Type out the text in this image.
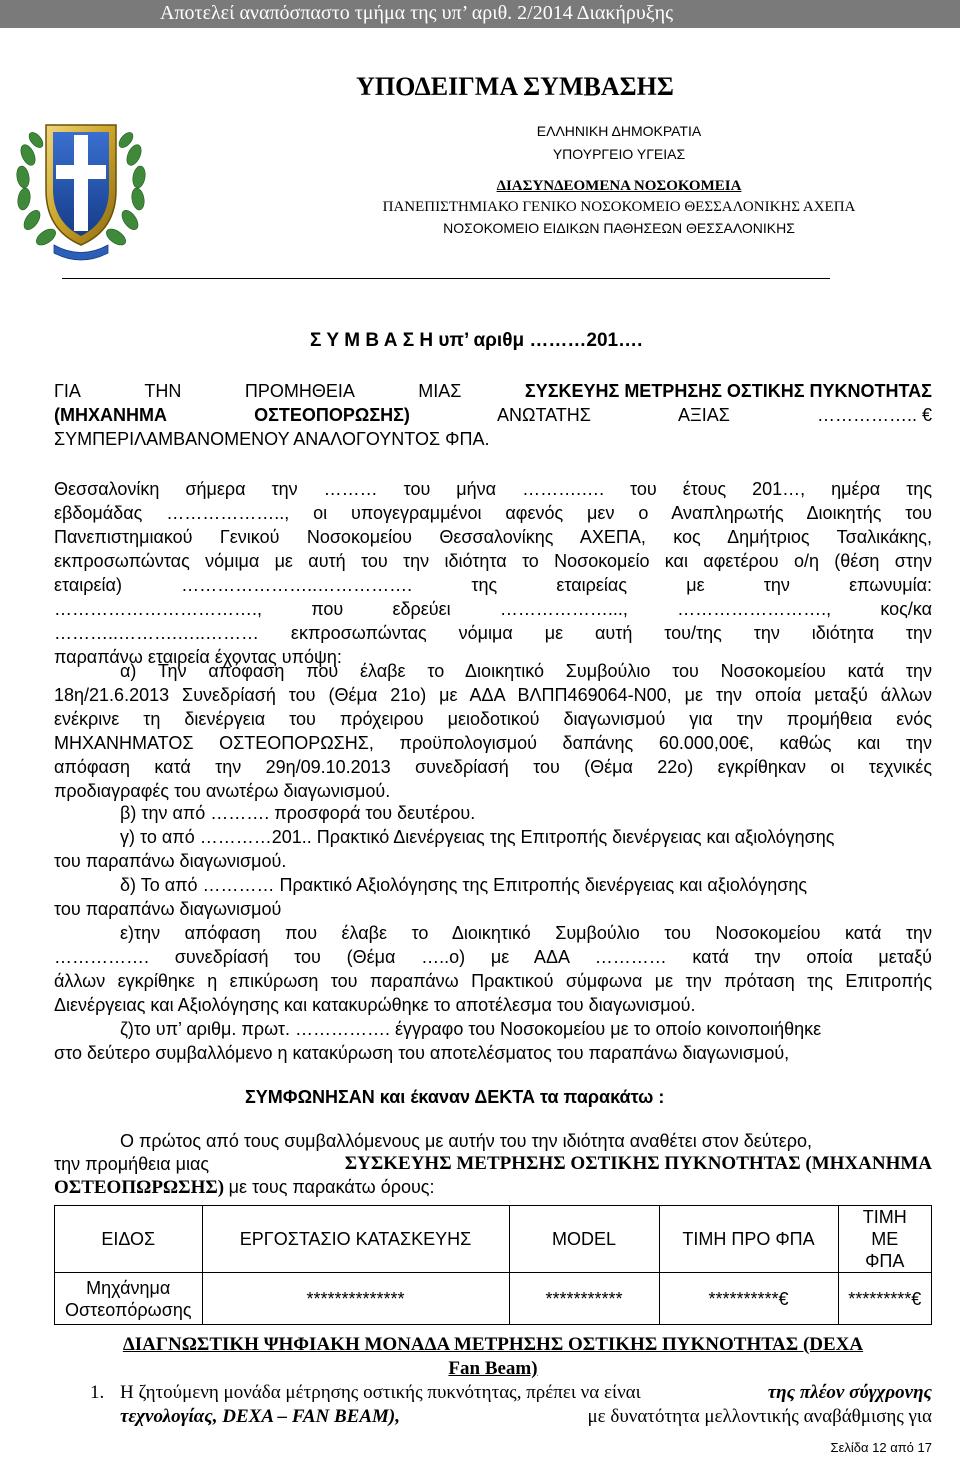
Αποτελεί αναπόσπαστο τμήμα της υπ’ αριθ. 2/2014 Διακήρυξης
ΥΠΟΔΕΙΓΜΑ ΣΥΜΒΑΣΗΣ
ΕΛΛΗΝΙΚΗ ΔΗΜΟΚΡΑΤΙΑ
ΥΠΟΥΡΓΕΙΟ ΥΓΕΙΑΣ
ΔΙΑΣΥΝΔΕΟΜΕΝΑ ΝΟΣΟΚΟΜΕΙΑ
ΠΑΝΕΠΙΣΤΗΜΙΑΚΟ ΓΕΝΙΚΟ ΝΟΣΟΚΟΜΕΙΟ ΘΕΣΣΑΛΟΝΙΚΗΣ ΑΧΕΠΑ
ΝΟΣΟΚΟΜΕΙΟ ΕΙΔΙΚΩΝ ΠΑΘΗΣΕΩΝ ΘΕΣΣΑΛΟΝΙΚΗΣ
Σ Υ Μ Β Α Σ Η υπ’ αριθμ ………201….
ΓΙΑ	ΤΗΝ	ΠΡΟΜΗΘΕΙΑ	ΜΙΑΣ	ΣΥΣΚΕΥΗΣ ΜΕΤΡΗΣΗΣ ΟΣΤΙΚΗΣ ΠΥΚΝΟΤΗΤΑΣ
(ΜΗΧΑΝΗΜΑ	ΟΣΤΕΟΠΟΡΩΣΗΣ)	ΑΝΩΤΑΤΗΣ	ΑΞΙΑΣ	…………….. €
ΣΥΜΠΕΡΙΛΑΜΒΑΝΟΜΕΝΟΥ ΑΝΑΛΟΓΟΥΝΤΟΣ ΦΠΑ.
Θεσσαλονίκη σήμερα την ……… του μήνα ……….…. του έτους 201…, ημέρα της
εβδομάδας ……………….., οι υπογεγραμμένοι αφενός μεν ο Αναπληρωτής Διοικητής του
Πανεπιστημιακού Γενικού Νοσοκομείου Θεσσαλονίκης ΑΧΕΠΑ, κος Δημήτριος Τσαλικάκης,
εκπροσωπώντας νόμιμα με αυτή του την ιδιότητα το Νοσοκομείο και αφετέρου ο/η (θέση στην
εταιρεία) …………………..……………. της εταιρείας με την επωνυμία:
……………………………., που εδρεύει ………………..., ……………………., κος/κα
………..……….…..……… εκπροσωπώντας νόμιμα με αυτή του/της την ιδιότητα την
παραπάνω εταιρεία έχοντας υπόψη:
α) Την απόφαση που έλαβε το Διοικητικό Συμβούλιο του Νοσοκομείου κατά την
18η/21.6.2013 Συνεδρίασή του (Θέμα 21ο) με ΑΔΑ ΒΛΠΠ469064-Ν00, με την οποία μεταξύ άλλων
ενέκρινε τη διενέργεια του πρόχειρου μειοδοτικού διαγωνισμού για την προμήθεια ενός
ΜΗΧΑΝΗΜΑΤΟΣ ΟΣΤΕΟΠΟΡΩΣΗΣ, προϋπολογισμού δαπάνης 60.000,00€, καθώς και την
απόφαση κατά την 29η/09.10.2013 συνεδρίασή του (Θέμα 22ο) εγκρίθηκαν οι τεχνικές
προδιαγραφές του ανωτέρω διαγωνισμού.
β) την από ………. προσφορά του δευτέρου.
γ) το από …………201.. Πρακτικό Διενέργειας της Επιτροπής διενέργειας και αξιολόγησης
του παραπάνω διαγωνισμού.
δ) Το από ………… Πρακτικό Αξιολόγησης της Επιτροπής διενέργειας και αξιολόγησης
του παραπάνω διαγωνισμού
ε)την απόφαση που έλαβε το Διοικητικό Συμβούλιο του Νοσοκομείου κατά την
……………. συνεδρίασή του (Θέμα …..ο) με ΑΔΑ ………… κατά την οποία μεταξύ
άλλων εγκρίθηκε η επικύρωση του παραπάνω Πρακτικού σύμφωνα με την πρόταση της Επιτροπής
Διενέργειας και Αξιολόγησης και κατακυρώθηκε το αποτέλεσμα του διαγωνισμού.
ζ)το υπ’ αριθμ. πρωτ. ……………. έγγραφο του Νοσοκομείου με το οποίο κοινοποιήθηκε
στο δεύτερο συμβαλλόμενο η κατακύρωση του αποτελέσματος του παραπάνω διαγωνισμού,
ΣΥΜΦΩΝΗΣΑΝ και έκαναν ΔΕΚΤΑ τα παρακάτω :
Ο πρώτος από τους συμβαλλόμενους με αυτήν του την ιδιότητα αναθέτει στον δεύτερο,
την προμήθεια μιας	ΣΥΣΚΕΥΗΣ ΜΕΤΡΗΣΗΣ ΟΣΤΙΚΗΣ ΠΥΚΝΟΤΗΤΑΣ (ΜΗΧΑΝΗΜΑ
ΟΣΤΕΟΠΩΡΩΣΗΣ) με τους παρακάτω όρους:
ΕΙΔΟΣ	ΕΡΓΟΣΤΑΣΙΟ ΚΑΤΑΣΚΕΥΗΣ	MODEL	ΤΙΜΗ ΠΡΟ ΦΠΑ	ΤΙΜΗ ΜΕ ΦΠΑ
Μηχάνημα Οστεοπόρωσης	**************	***********	**********€	*********€
ΔΙΑΓΝΩΣΤΙΚΗ ΨΗΦΙΑΚΗ ΜΟΝΑΔΑ ΜΕΤΡΗΣΗΣ ΟΣΤΙΚΗΣ ΠΥΚΝΟΤΗΤΑΣ (DEXA
Fan Beam)
1. Η ζητούμενη μονάδα μέτρησης οστικής πυκνότητας, πρέπει να είναι	της πλέον σύγχρονης
τεχνολογίας, DEXA – FAN BEAM),	με δυνατότητα μελλοντικής αναβάθμισης για
Σελίδα 12 από 17
